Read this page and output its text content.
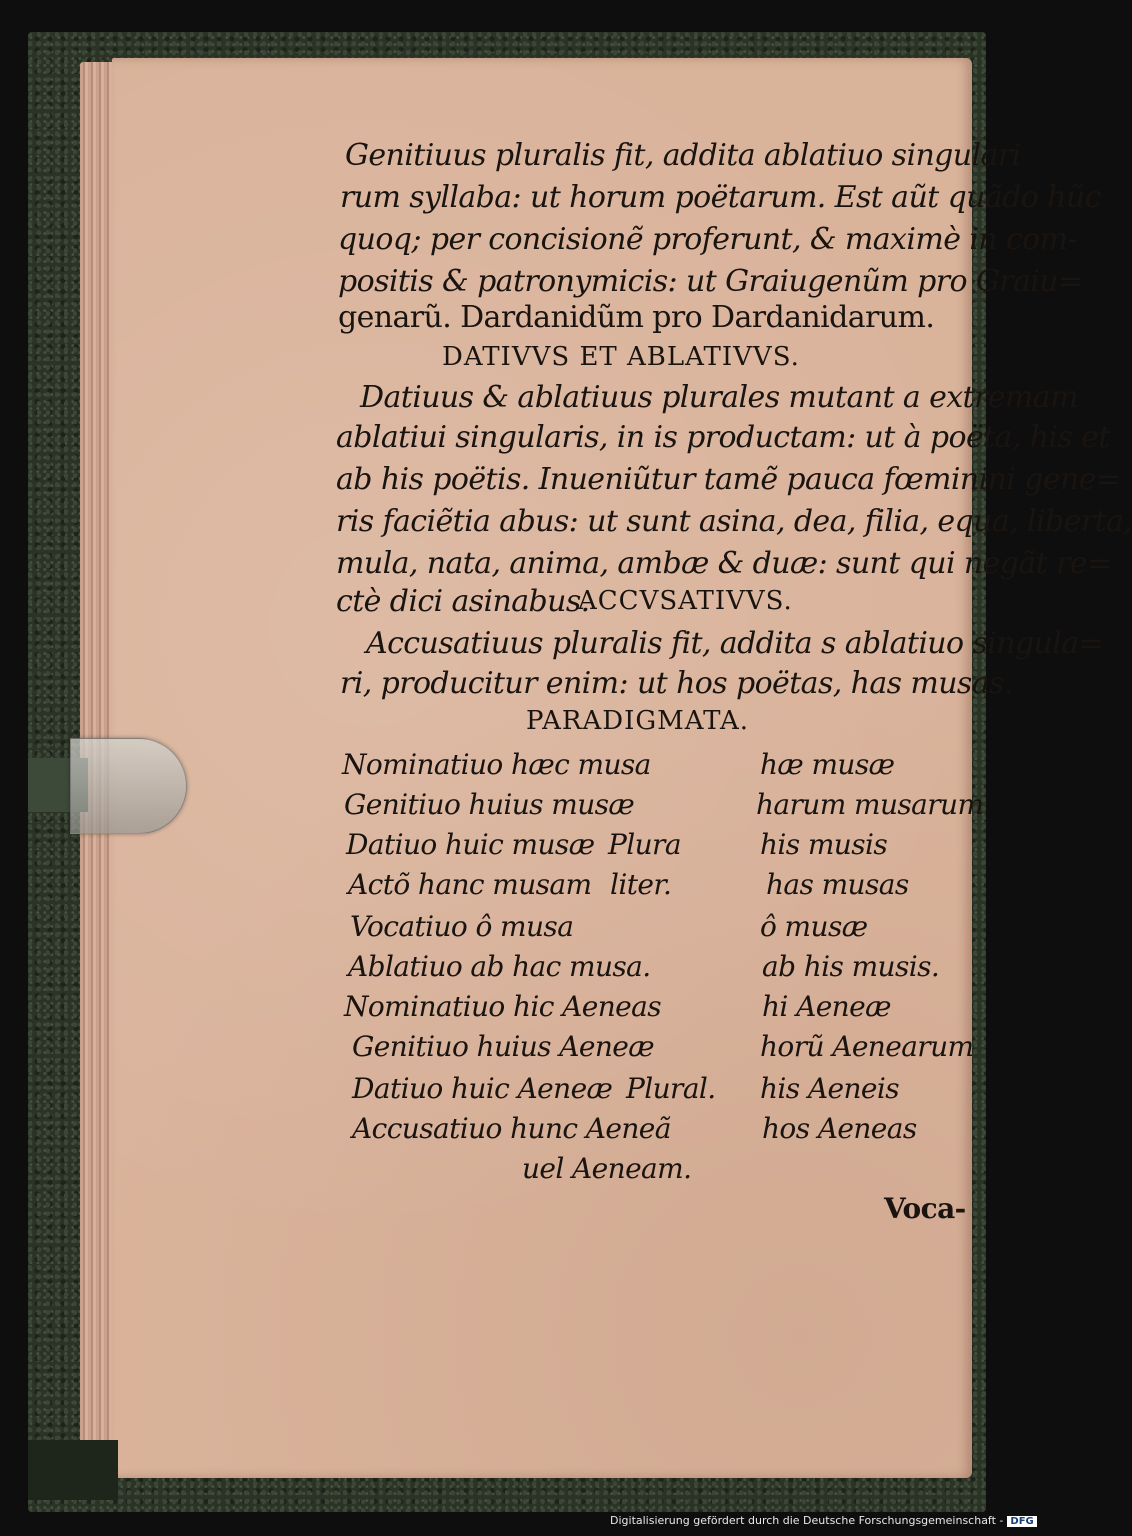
Genitiuus pluralis fit, addita ablatiuo singulari
rum syllaba: ut horum poëtarum. Est aũt quãdo hũc
quoq; per concisionẽ proferunt, & maximè in com-
positis & patronymicis: ut Graiugenũm pro Graiu=
genarũ. Dardanidũm pro Dardanidarum.
DATIVVS ET ABLATIVVS.
Datiuus & ablatiuus plurales mutant a extremam
ablatiui singularis, in is productam: ut à poëta, his et
ab his poëtis. Inueniũtur tamẽ pauca fœminini gene=
ris faciẽtia abus: ut sunt asina, dea, filia, equa, liberta,
mula, nata, anima, ambæ & duæ: sunt qui negãt re=
ctè dici asinabus.
ACCVSATIVVS.
Accusatiuus pluralis fit, addita s ablatiuo singula=
ri, producitur enim: ut hos poëtas, has musas.
PARADIGMATA.
Nominatiuo hæc musa	hæ musæ
Genitiuo huius musæ	harum musarum
Datiuo huic musæ Plura	his musis
Actõ hanc musam liter.	has musas
Vocatiuo ô musa	ô musæ
Ablatiuo ab hac musa.	ab his musis.
Nominatiuo hic Aeneas	hi Aeneæ
Genitiuo huius Aeneæ	horũ Aenearum
Datiuo huic Aeneæ Plural. his Aeneis
Accusatiuo hunc Aeneã	hos Aeneas
uel Aeneam.
Voca-
Digitalisierung gefördert durch die Deutsche Forschungsgemeinschaft - DFG
